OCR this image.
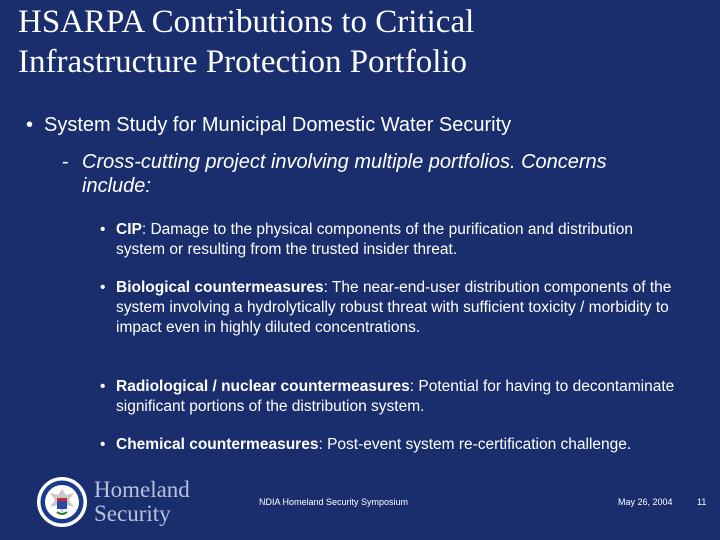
HSARPA Contributions to Critical
Infrastructure Protection Portfolio
• System Study for Municipal Domestic Water Security
- Cross-cutting project involving multiple portfolios. Concerns include:
• CIP: Damage to the physical components of the purification and distribution system or resulting from the trusted insider threat.
• Biological countermeasures: The near-end-user distribution components of the system involving a hydrolytically robust threat with sufficient toxicity / morbidity to impact even in highly diluted concentrations.
• Radiological / nuclear countermeasures: Potential for having to decontaminate significant portions of the distribution system.
• Chemical countermeasures: Post-event system re-certification challenge.
Homeland
Security	NDIA Homeland Security Symposium	May 26, 2004	11
